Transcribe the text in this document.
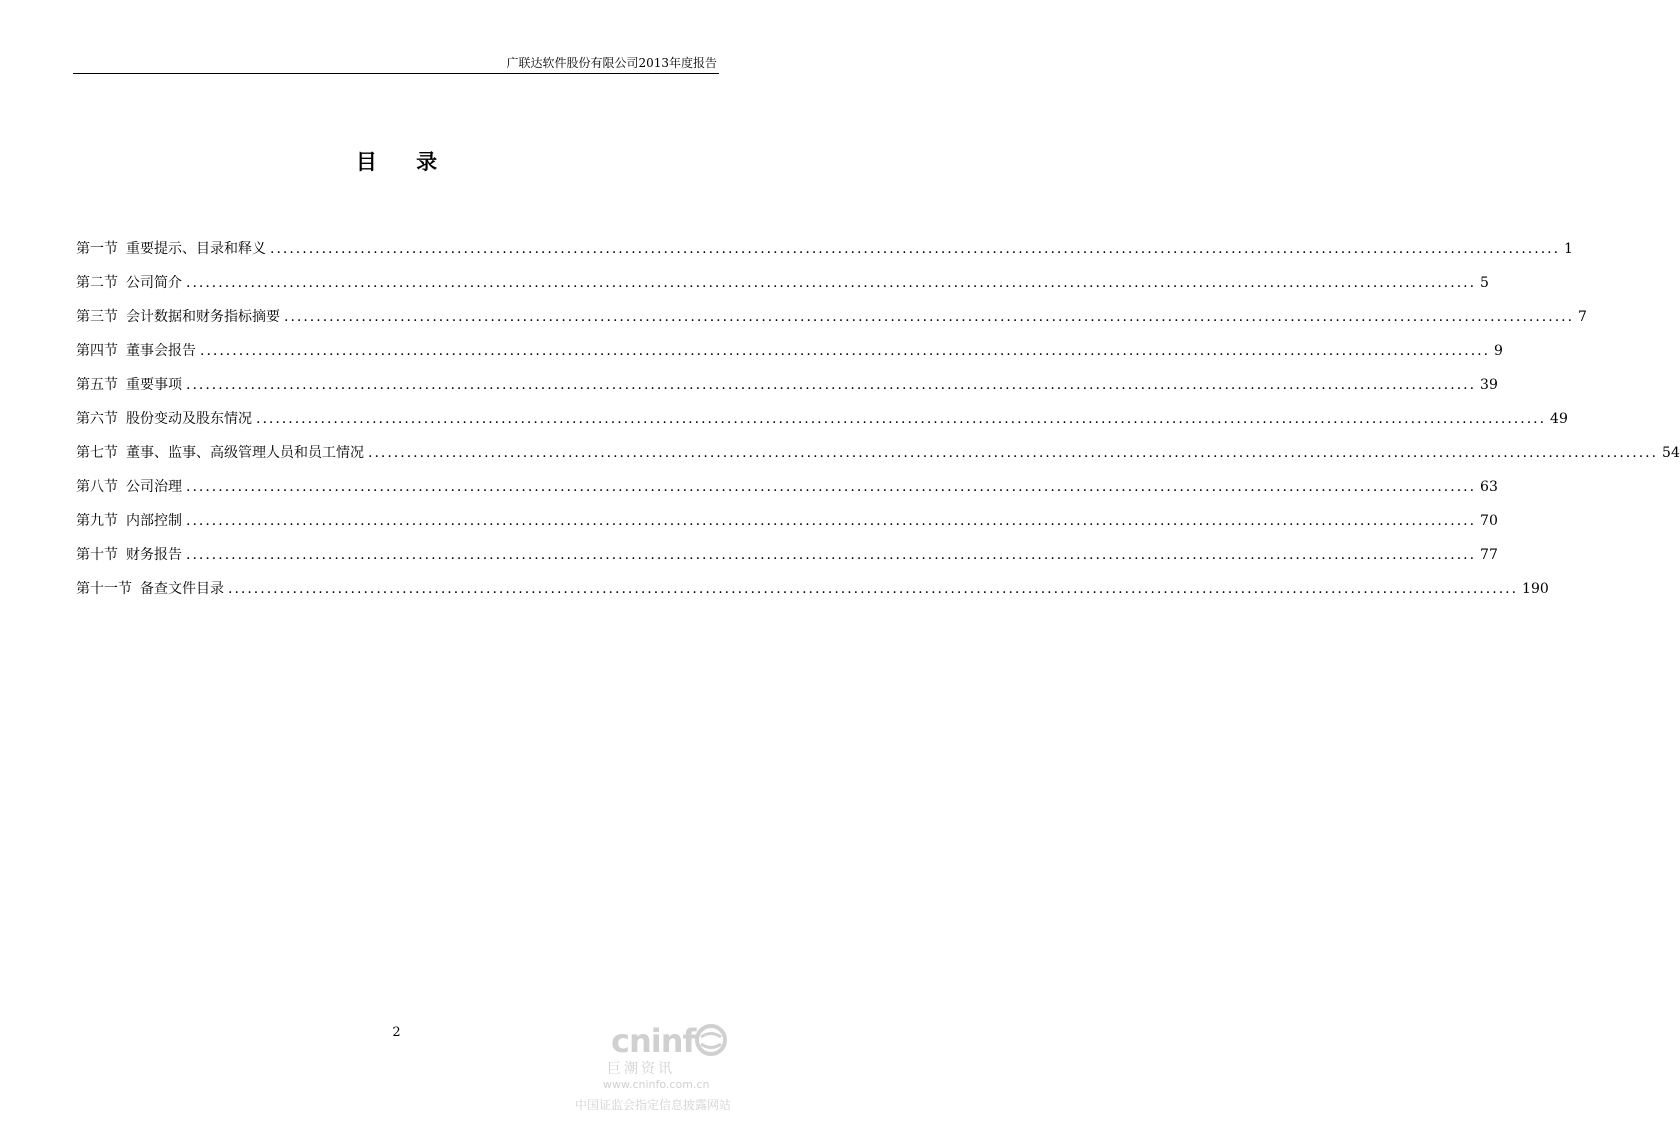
广联达软件股份有限公司2013年度报告
目 录
第一节 重要提示、目录和释义 ........................................................................................................................................................................................................ 1
第二节 公司简介 ........................................................................................................................................................................................................ 5
第三节 会计数据和财务指标摘要 ........................................................................................................................................................................................................ 7
第四节 董事会报告 ........................................................................................................................................................................................................ 9
第五节 重要事项 ........................................................................................................................................................................................................ 39
第六节 股份变动及股东情况 ........................................................................................................................................................................................................ 49
第七节 董事、监事、高级管理人员和员工情况 ........................................................................................................................................................................................................ 54
第八节 公司治理 ........................................................................................................................................................................................................ 63
第九节 内部控制 ........................................................................................................................................................................................................ 70
第十节 财务报告 ........................................................................................................................................................................................................ 77
第十一节 备查文件目录 ........................................................................................................................................................................................................ 190
2	cninf
巨潮资讯
www.cninfo.com.cn
中国证监会指定信息披露网站
